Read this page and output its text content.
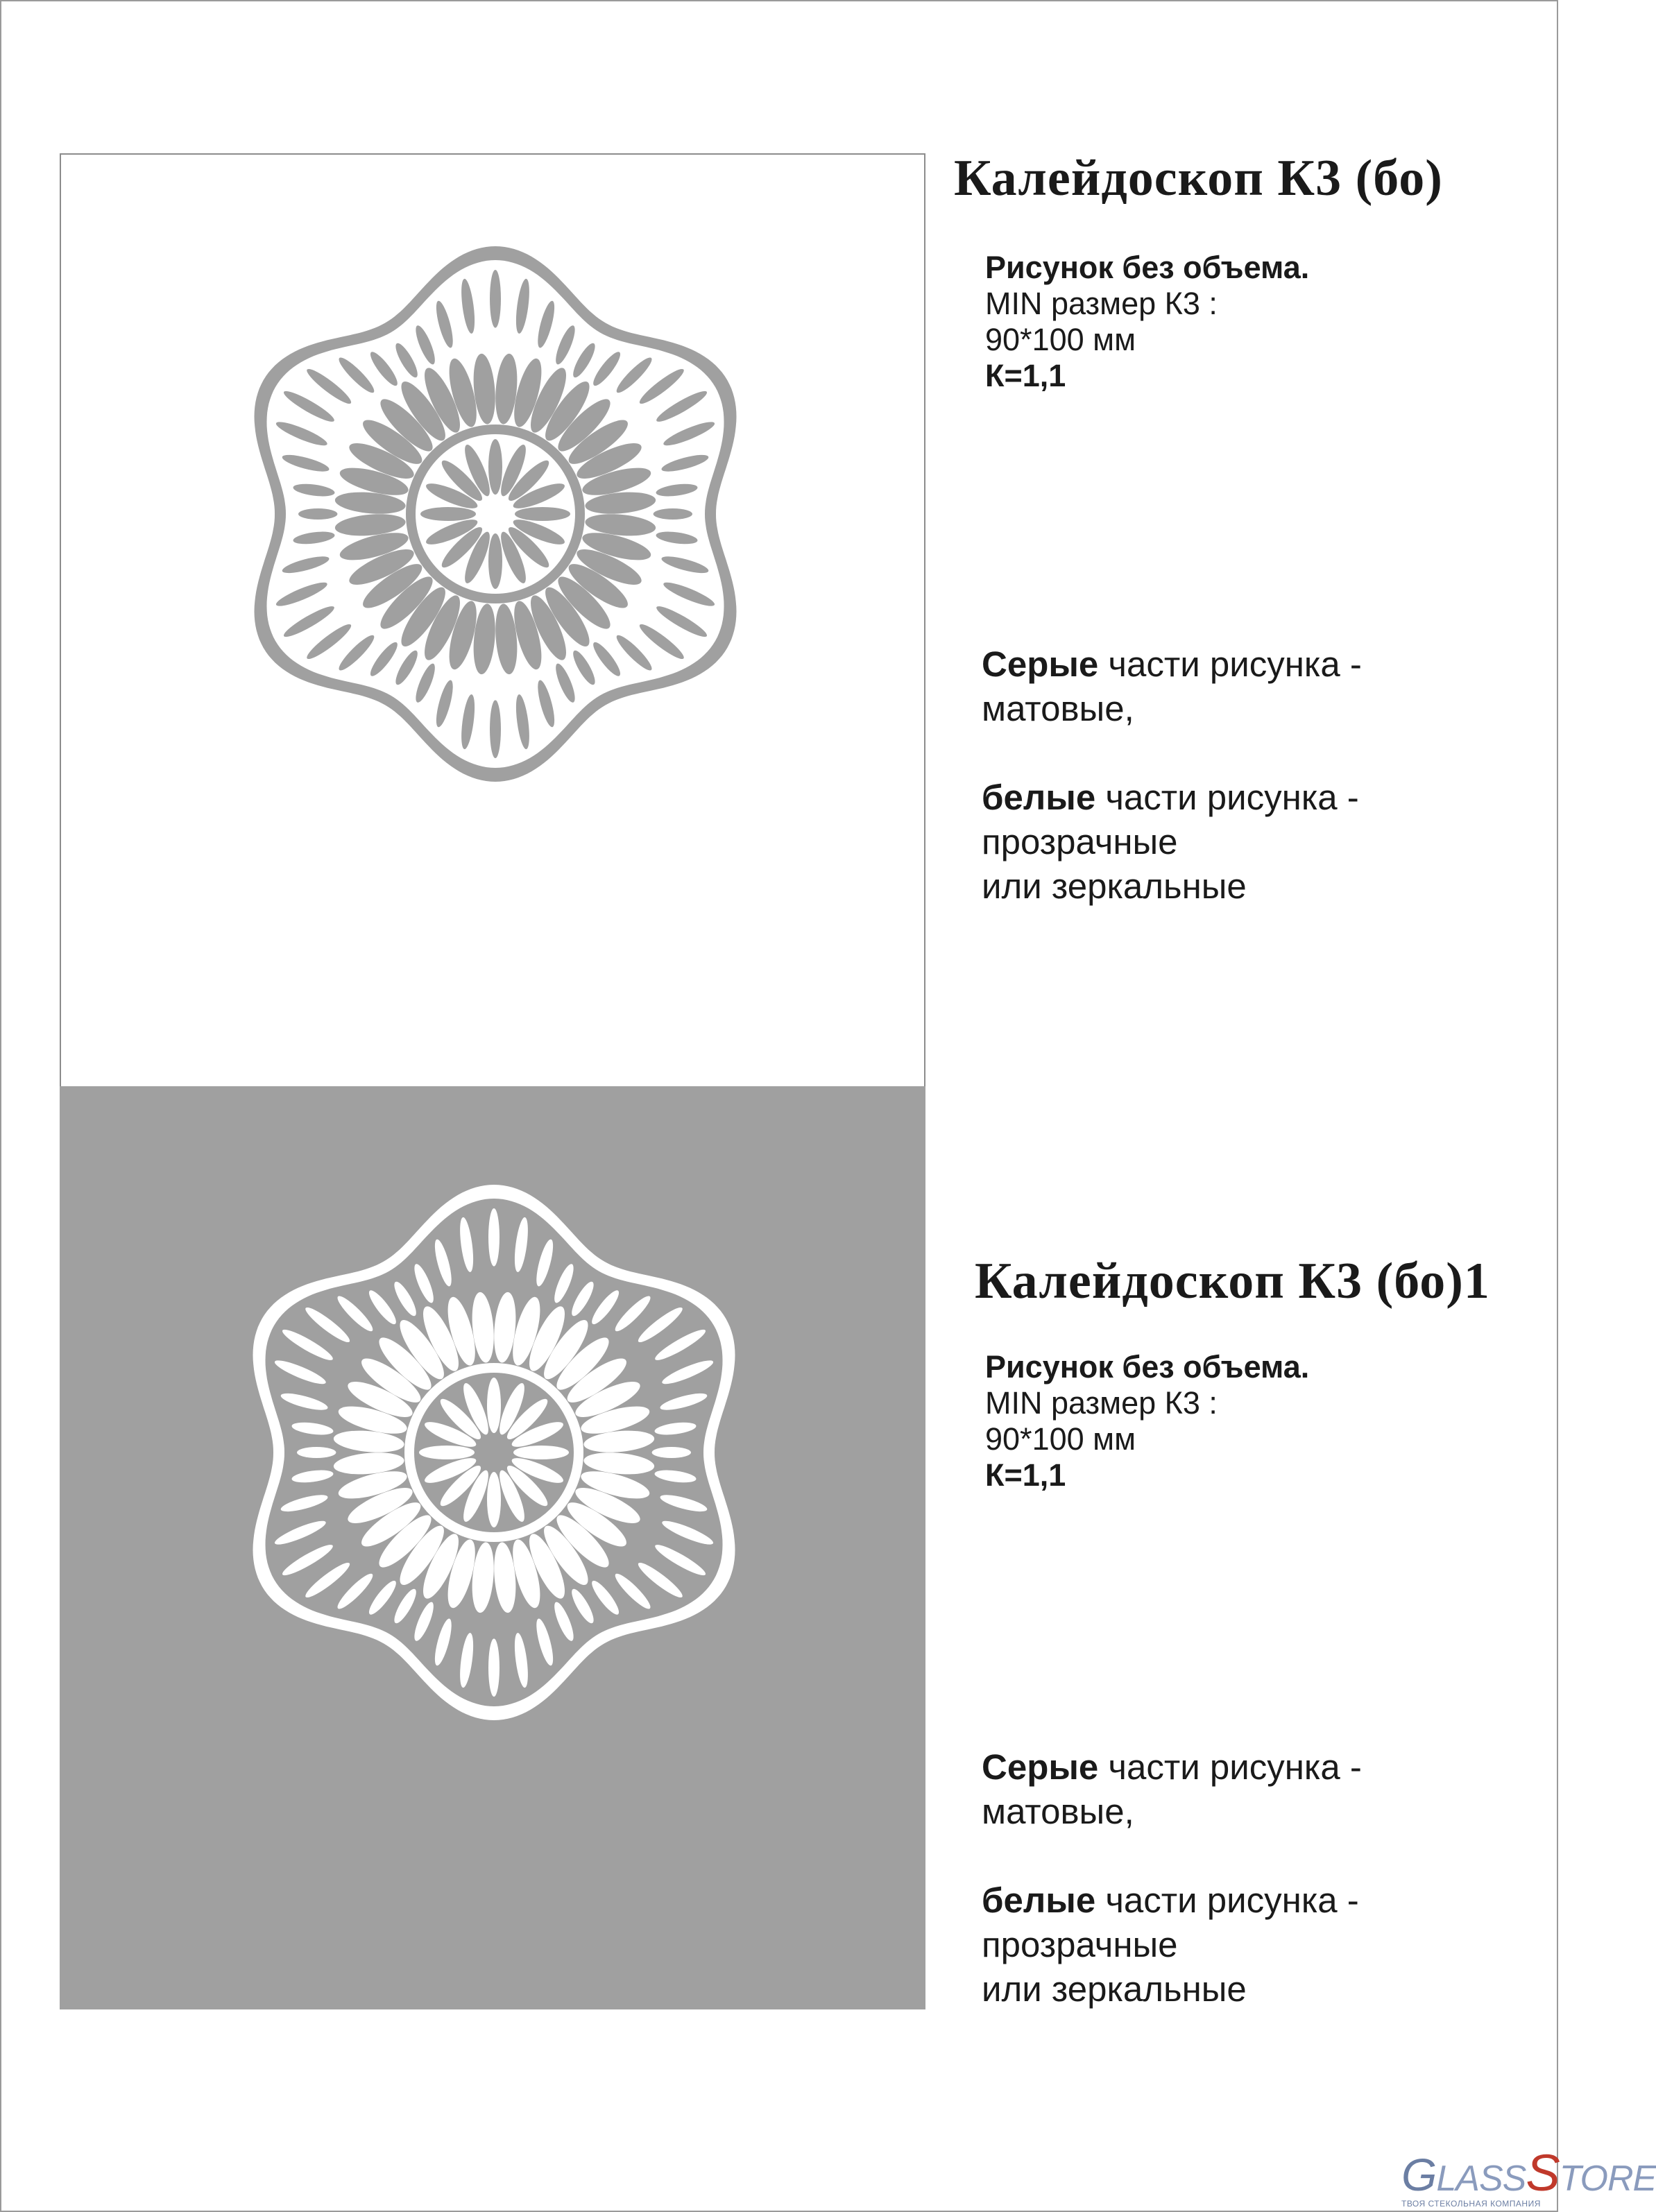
Калейдоскоп К3 (бо)
Рисунок без объема.
MIN размер К3 :
90*100 мм
К=1,1
Серые части рисунка -
матовые,
белые части рисунка -
прозрачные
или зеркальные
Калейдоскоп К3 (бо)1
Рисунок без объема.
MIN размер К3 :
90*100 мм
К=1,1
Серые части рисунка -
матовые,
белые части рисунка -
прозрачные
или зеркальные
GLASSSTORE
ТВОЯ СТЕКОЛЬНАЯ КОМПАНИЯ
